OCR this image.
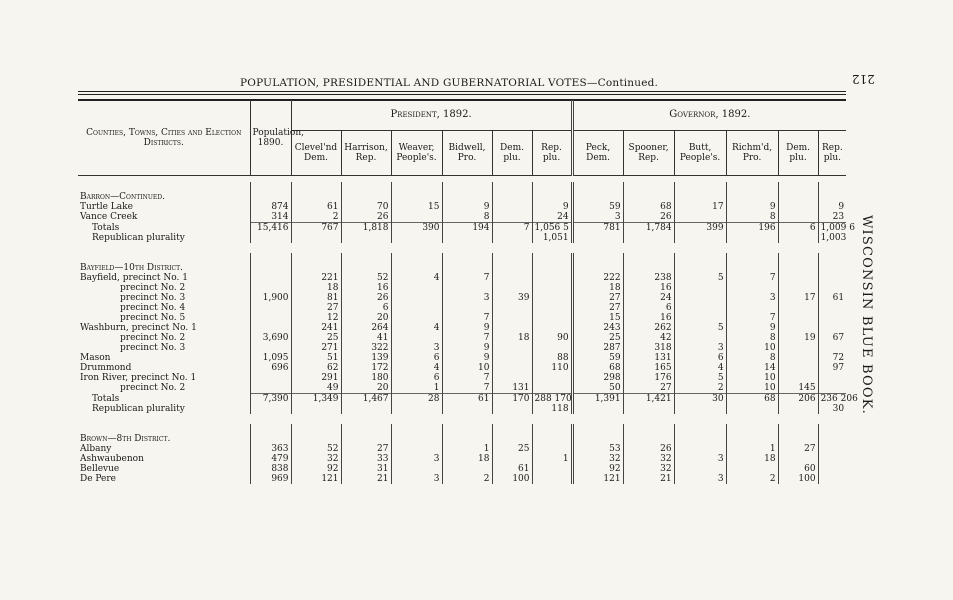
POPULATION, PRESIDENTIAL AND GUBERNATORIAL VOTES—Continued.	212
WISCONSIN BLUE BOOK.
Counties, Towns, Cities and Election Districts.	Population, 1890.	President, 1892.						Governor, 1892.					
		Clevel'nd Dem.	Harrison, Rep.	Weaver, People's.	Bidwell, Pro.	Dem. plu.	Rep. plu.	Peck, Dem.	Spooner, Rep.	Butt, People's.	Richm'd, Pro.	Dem. plu.	Rep. plu.

Barron—Continued.													
Turtle Lake	874	61	70	15	9		9	59	68	17	9		9
Vance Creek	314	2	26		8		24	3	26		8		23
Totals	15,416	767	1,818	390	194	7	1,056 5	781	1,784	399	196	6	1,009 6
Republican plurality							1,051						1,003

Bayfield—10th District.													
Bayfield, precinct No. 1		221	52	4	7			222	238	5	7		
precinct No. 2		18	16					18	16				
precinct No. 3	1,900	81	26		3	39		27	24		3	17	61
precinct No. 4		27	6					27	6				
precinct No. 5		12	20		7			15	16		7		
Washburn, precinct No. 1		241	264	4	9			243	262	5	9		
precinct No. 2	3,690	25	41		7	18	90	25	42		8	19	67
precinct No. 3		271	322	3	9			287	318	3	10		
Mason	1,095	51	139	6	9		88	59	131	6	8		72
Drummond	696	62	172	4	10		110	68	165	4	14		97
Iron River, precinct No. 1		291	180	6	7			298	176	5	10		
precinct No. 2		49	20	1	7	131		50	27	2	10	145	
Totals	7,390	1,349	1,467	28	61	170	288 170	1,391	1,421	30	68	206	236 206
Republican plurality							118						30

Brown—8th District.													
Albany	363	52	27		1	25		53	26		1	27	
Ashwaubenon	479	32	33	3	18		1	32	32	3	18		
Bellevue	838	92	31			61		92	32			60	
De Pere	969	121	21	3	2	100		121	21	3	2	100	
